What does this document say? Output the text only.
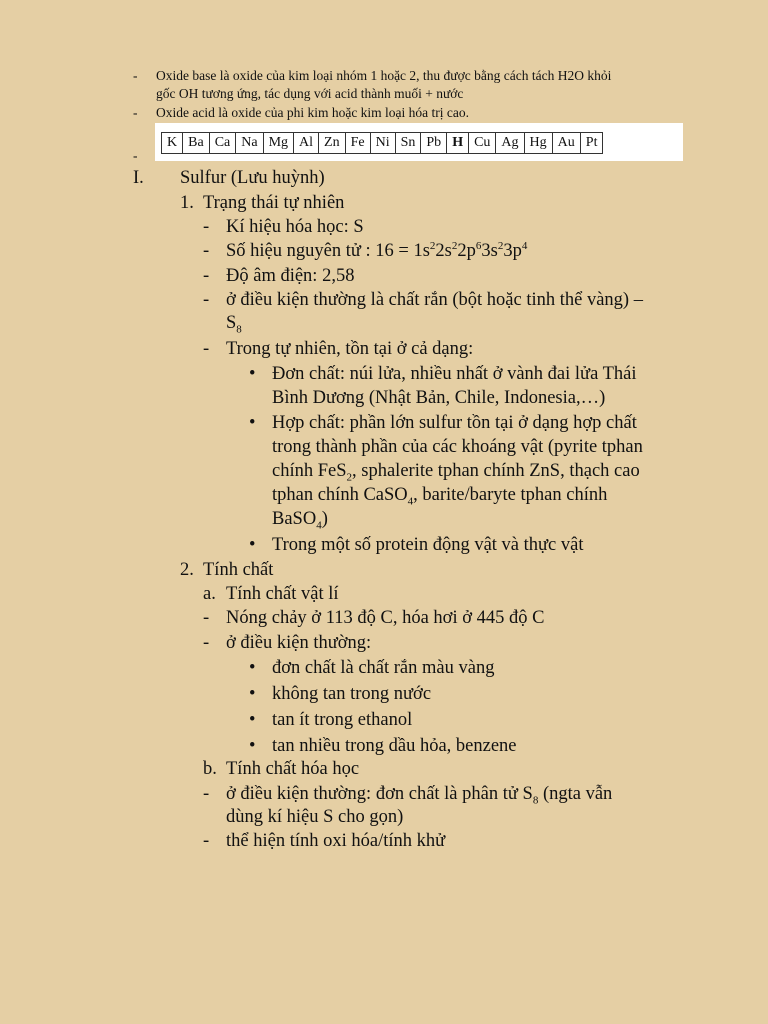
- Oxide base là oxide của kim loại nhóm 1 hoặc 2, thu được bằng cách tách H2O khỏi
gốc OH tương ứng, tác dụng với acid thành muối + nước
- Oxide acid là oxide của phi kim hoặc kim loại hóa trị cao.
-
K	Ba	Ca	Na	Mg	Al	Zn	Fe	Ni	Sn	Pb	H	Cu	Ag	Hg	Au	Pt
I. Sulfur (Lưu huỳnh)
1. Trạng thái tự nhiên
- Kí hiệu hóa học: S
- Số hiệu nguyên tử : $16 = 1s^22s^22p^63s^23p^4$
- Độ âm điện: 2,58
- ở điều kiện thường là chất rắn (bột hoặc tinh thể vàng) –
$S_8$
- Trong tự nhiên, tồn tại ở cả dạng:
• Đơn chất: núi lửa, nhiều nhất ở vành đai lửa Thái
Bình Dương (Nhật Bản, Chile, Indonesia,…)
• Hợp chất: phần lớn sulfur tồn tại ở dạng hợp chất
trong thành phần của các khoáng vật (pyrite tphan
chính FeS$_2$, sphalerite tphan chính ZnS, thạch cao
tphan chính CaSO$_4$, barite/baryte tphan chính
BaSO$_4$)
• Trong một số protein động vật và thực vật
2. Tính chất
a. Tính chất vật lí
- Nóng chảy ở 113 độ C, hóa hơi ở 445 độ C
- ở điều kiện thường:
• đơn chất là chất rắn màu vàng
• không tan trong nước
• tan ít trong ethanol
• tan nhiều trong dầu hỏa, benzene
b. Tính chất hóa học
- ở điều kiện thường: đơn chất là phân tử $S_8$ (ngta vẫn
dùng kí hiệu S cho gọn)
- thể hiện tính oxi hóa/tính khử
